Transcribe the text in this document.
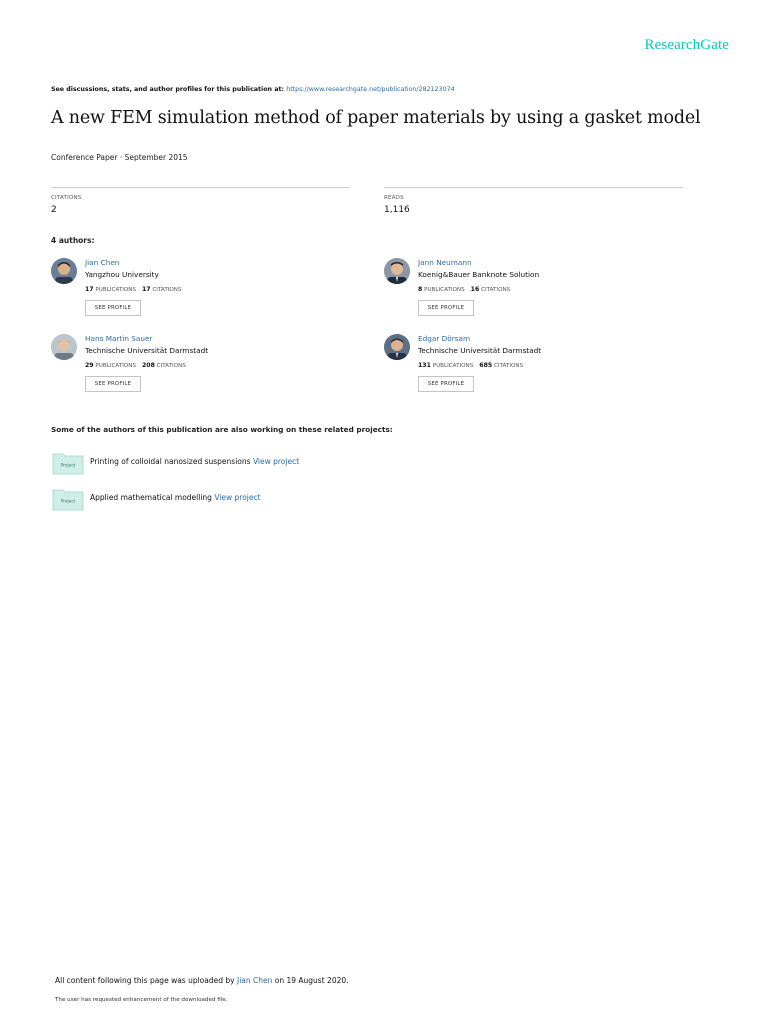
ResearchGate
See discussions, stats, and author profiles for this publication at: https://www.researchgate.net/publication/282123074
A new FEM simulation method of paper materials by using a gasket model
Conference Paper · September 2015
CITATIONS
2
READS
1,116
4 authors:
Jian Chen
Yangzhou University
17 PUBLICATIONS 17 CITATIONS
SEE PROFILE
Jann Neumann
Koenig&Bauer Banknote Solution
8 PUBLICATIONS 16 CITATIONS
SEE PROFILE
Hans Martin Sauer
Technische Universität Darmstadt
29 PUBLICATIONS 208 CITATIONS
SEE PROFILE
Edgar Dörsam
Technische Universität Darmstadt
131 PUBLICATIONS 685 CITATIONS
SEE PROFILE
Some of the authors of this publication are also working on these related projects:
Project Printing of colloidal nanosized suspensions View project
Project Applied mathematical modelling View project
All content following this page was uploaded by Jian Chen on 19 August 2020.
The user has requested enhancement of the downloaded file.
